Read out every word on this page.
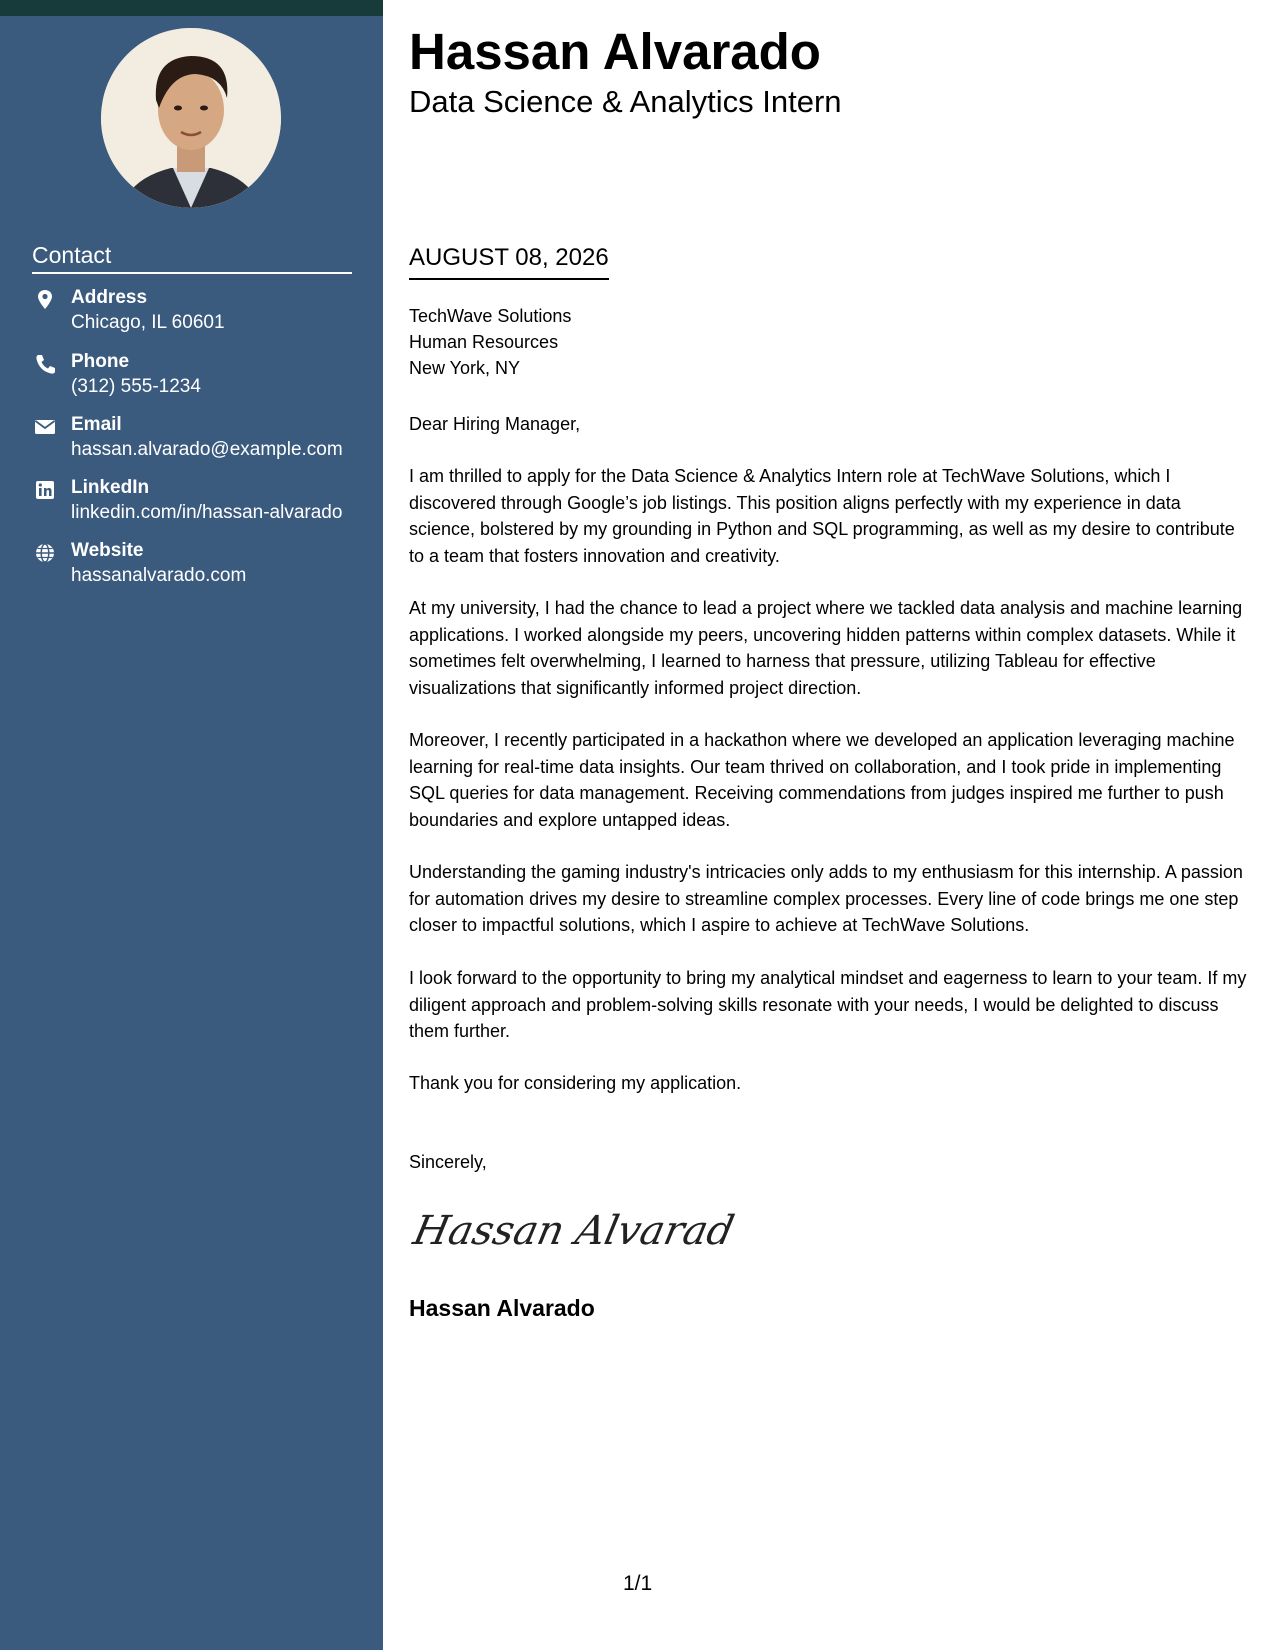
Contact
Address
Chicago, IL 60601
Phone
(312) 555-1234
Email
hassan.alvarado@example.com
LinkedIn
linkedin.com/in/hassan-alvarado
Website
hassanalvarado.com
Hassan Alvarado
Data Science & Analytics Intern
AUGUST 08, 2026
TechWave Solutions
Human Resources
New York, NY
Dear Hiring Manager,

I am thrilled to apply for the Data Science & Analytics Intern role at TechWave Solutions, which I discovered through Google’s job listings. This position aligns perfectly with my experience in data science, bolstered by my grounding in Python and SQL programming, as well as my desire to contribute to a team that fosters innovation and creativity.

At my university, I had the chance to lead a project where we tackled data analysis and machine learning applications. I worked alongside my peers, uncovering hidden patterns within complex datasets. While it sometimes felt overwhelming, I learned to harness that pressure, utilizing Tableau for effective visualizations that significantly informed project direction.

Moreover, I recently participated in a hackathon where we developed an application leveraging machine learning for real-time data insights. Our team thrived on collaboration, and I took pride in implementing SQL queries for data management. Receiving commendations from judges inspired me further to push boundaries and explore untapped ideas.

Understanding the gaming industry's intricacies only adds to my enthusiasm for this internship. A passion for automation drives my desire to streamline complex processes. Every line of code brings me one step closer to impactful solutions, which I aspire to achieve at TechWave Solutions.

I look forward to the opportunity to bring my analytical mindset and eagerness to learn to your team. If my diligent approach and problem-solving skills resonate with your needs, I would be delighted to discuss them further.

Thank you for considering my application.

Sincerely,
Hassan Alvarad
Hassan Alvarado
1/1
